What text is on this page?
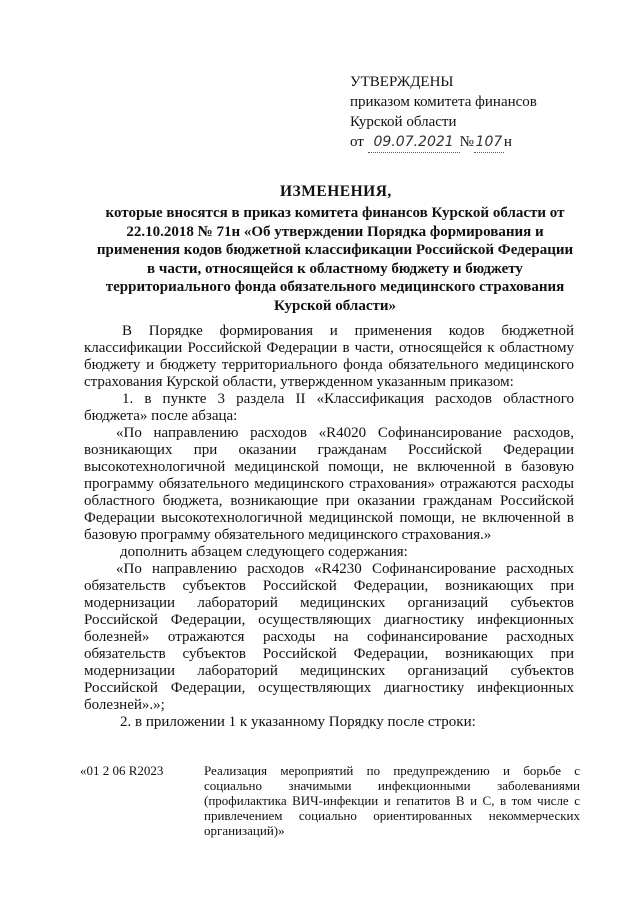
УТВЕРЖДЕНЫ
приказом комитета финансов
Курской области
от 09.07.2021 № 107 н
ИЗМЕНЕНИЯ,
которые вносятся в приказ комитета финансов Курской области от 22.10.2018 № 71н «Об утверждении Порядка формирования и применения кодов бюджетной классификации Российской Федерации в части, относящейся к областному бюджету и бюджету территориального фонда обязательного медицинского страхования Курской области»

В Порядке формирования и применения кодов бюджетной классификации Российской Федерации в части, относящейся к областному бюджету и бюджету территориального фонда обязательного медицинского страхования Курской области, утвержденном указанным приказом:

1. в пункте 3 раздела II «Классификация расходов областного бюджета» после абзаца:

«По направлению расходов «R4020 Софинансирование расходов, возникающих при оказании гражданам Российской Федерации высокотехнологичной медицинской помощи, не включенной в базовую программу обязательного медицинского страхования» отражаются расходы областного бюджета, возникающие при оказании гражданам Российской Федерации высокотехнологичной медицинской помощи, не включенной в базовую программу обязательного медицинского страхования.»

дополнить абзацем следующего содержания:

«По направлению расходов «R4230 Софинансирование расходных обязательств субъектов Российской Федерации, возникающих при модернизации лабораторий медицинских организаций субъектов Российской Федерации, осуществляющих диагностику инфекционных болезней» отражаются расходы на софинансирование расходных обязательств субъектов Российской Федерации, возникающих при модернизации лабораторий медицинских организаций субъектов Российской Федерации, осуществляющих диагностику инфекционных болезней».»;

2. в приложении 1 к указанному Порядку после строки:

«01 2 06 R2023	Реализация мероприятий по предупреждению и борьбе с социально значимыми инфекционными заболеваниями (профилактика ВИЧ-инфекции и гепатитов B и C, в том числе с привлечением социально ориентированных некоммерческих организаций)»
